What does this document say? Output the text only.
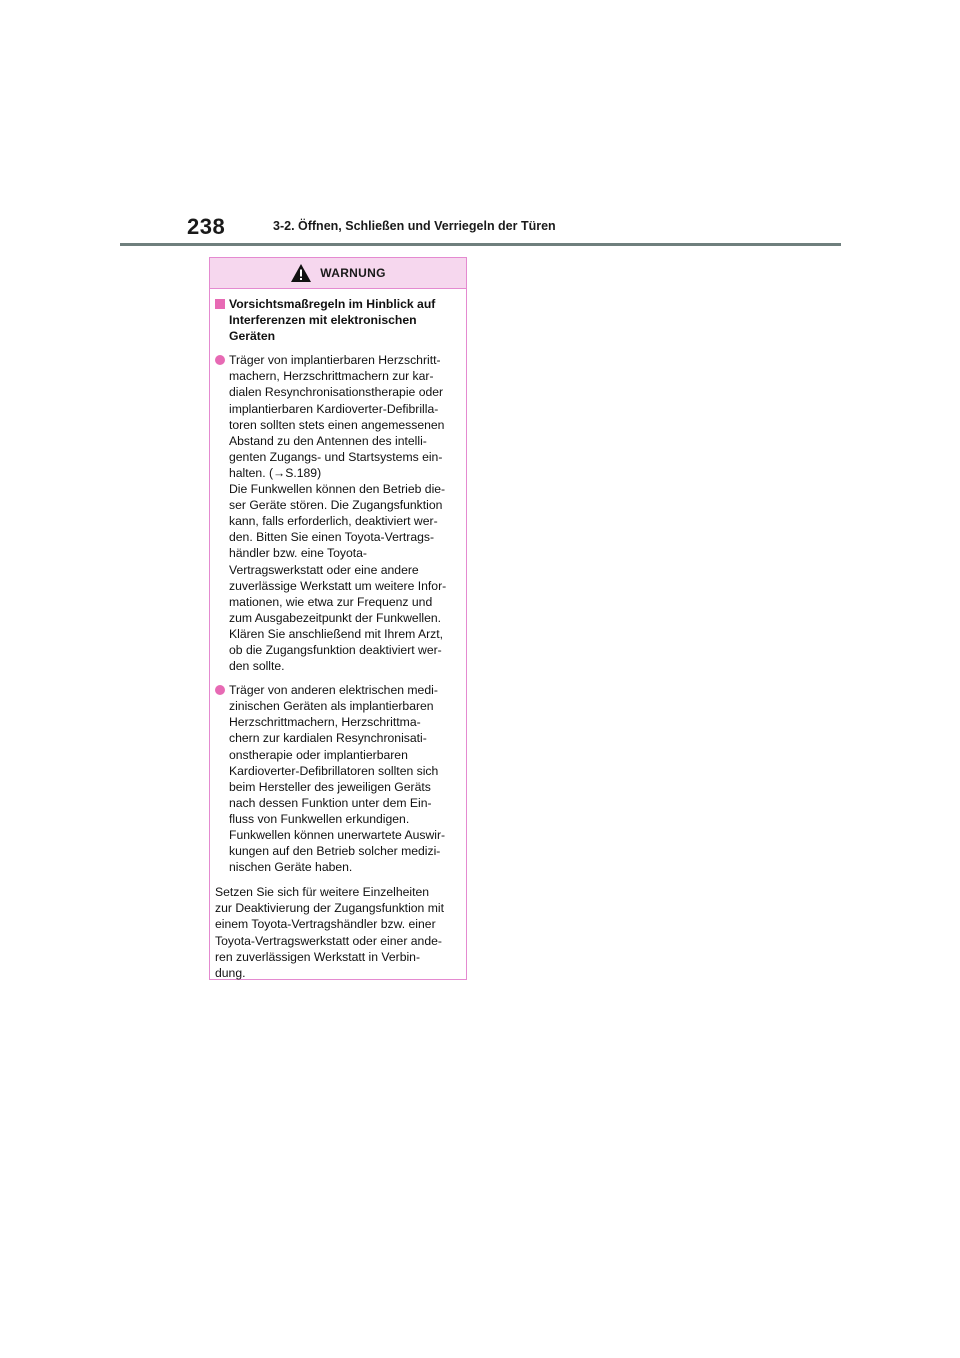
238	3-2. Öffnen, Schließen und Verriegeln der Türen
WARNUNG
Vorsichtsmaßregeln im Hinblick auf
Interferenzen mit elektronischen
Geräten
Träger von implantierbaren Herzschritt-
machern, Herzschrittmachern zur kar-
dialen Resynchronisationstherapie oder
implantierbaren Kardioverter-Defibrilla-
toren sollten stets einen angemessenen
Abstand zu den Antennen des intelli-
genten Zugangs- und Startsystems ein-
halten. (→S.189)
Die Funkwellen können den Betrieb die-
ser Geräte stören. Die Zugangsfunktion
kann, falls erforderlich, deaktiviert wer-
den. Bitten Sie einen Toyota-Vertrags-
händler bzw. eine Toyota-
Vertragswerkstatt oder eine andere
zuverlässige Werkstatt um weitere Infor-
mationen, wie etwa zur Frequenz und
zum Ausgabezeitpunkt der Funkwellen.
Klären Sie anschließend mit Ihrem Arzt,
ob die Zugangsfunktion deaktiviert wer-
den sollte.
Träger von anderen elektrischen medi-
zinischen Geräten als implantierbaren
Herzschrittmachern, Herzschrittma-
chern zur kardialen Resynchronisati-
onstherapie oder implantierbaren
Kardioverter-Defibrillatoren sollten sich
beim Hersteller des jeweiligen Geräts
nach dessen Funktion unter dem Ein-
fluss von Funkwellen erkundigen.
Funkwellen können unerwartete Auswir-
kungen auf den Betrieb solcher medizi-
nischen Geräte haben.
Setzen Sie sich für weitere Einzelheiten
zur Deaktivierung der Zugangsfunktion mit
einem Toyota-Vertragshändler bzw. einer
Toyota-Vertragswerkstatt oder einer ande-
ren zuverlässigen Werkstatt in Verbin-
dung.
